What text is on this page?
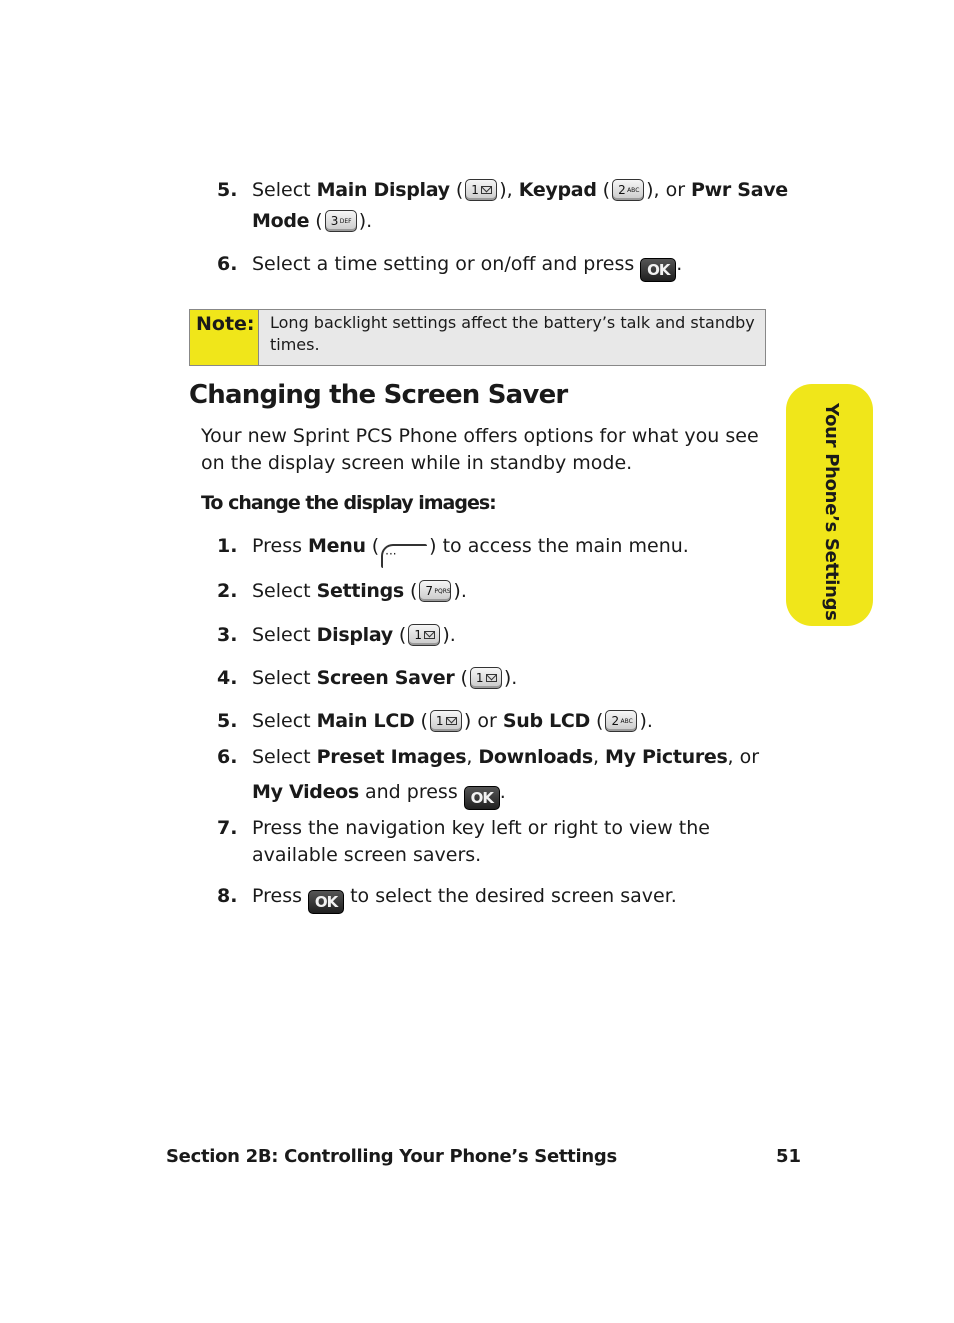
5. Select Main Display ( 1 ), Keypad ( 2 ABC ), or Pwr Save
Mode ( 3 DEF ).
6. Select a time setting or on/off and press OK .
Note: Long backlight settings affect the battery’s talk and standby
times.
Changing the Screen Saver
Your new Sprint PCS Phone offers options for what you see
on the display screen while in standby mode.
To change the display images:
1. Press Menu ( ··· ) to access the main menu.
2. Select Settings ( 7 PQRS ).
3. Select Display ( 1 ).
4. Select Screen Saver ( 1 ).
5. Select Main LCD ( 1 ) or Sub LCD ( 2 ABC ).
6. Select Preset Images, Downloads, My Pictures, or
My Videos and press OK .
7. Press the navigation key left or right to view the
available screen savers.
8. Press OK to select the desired screen saver.
Your Phone’s Settings
Section 2B: Controlling Your Phone’s Settings	51
